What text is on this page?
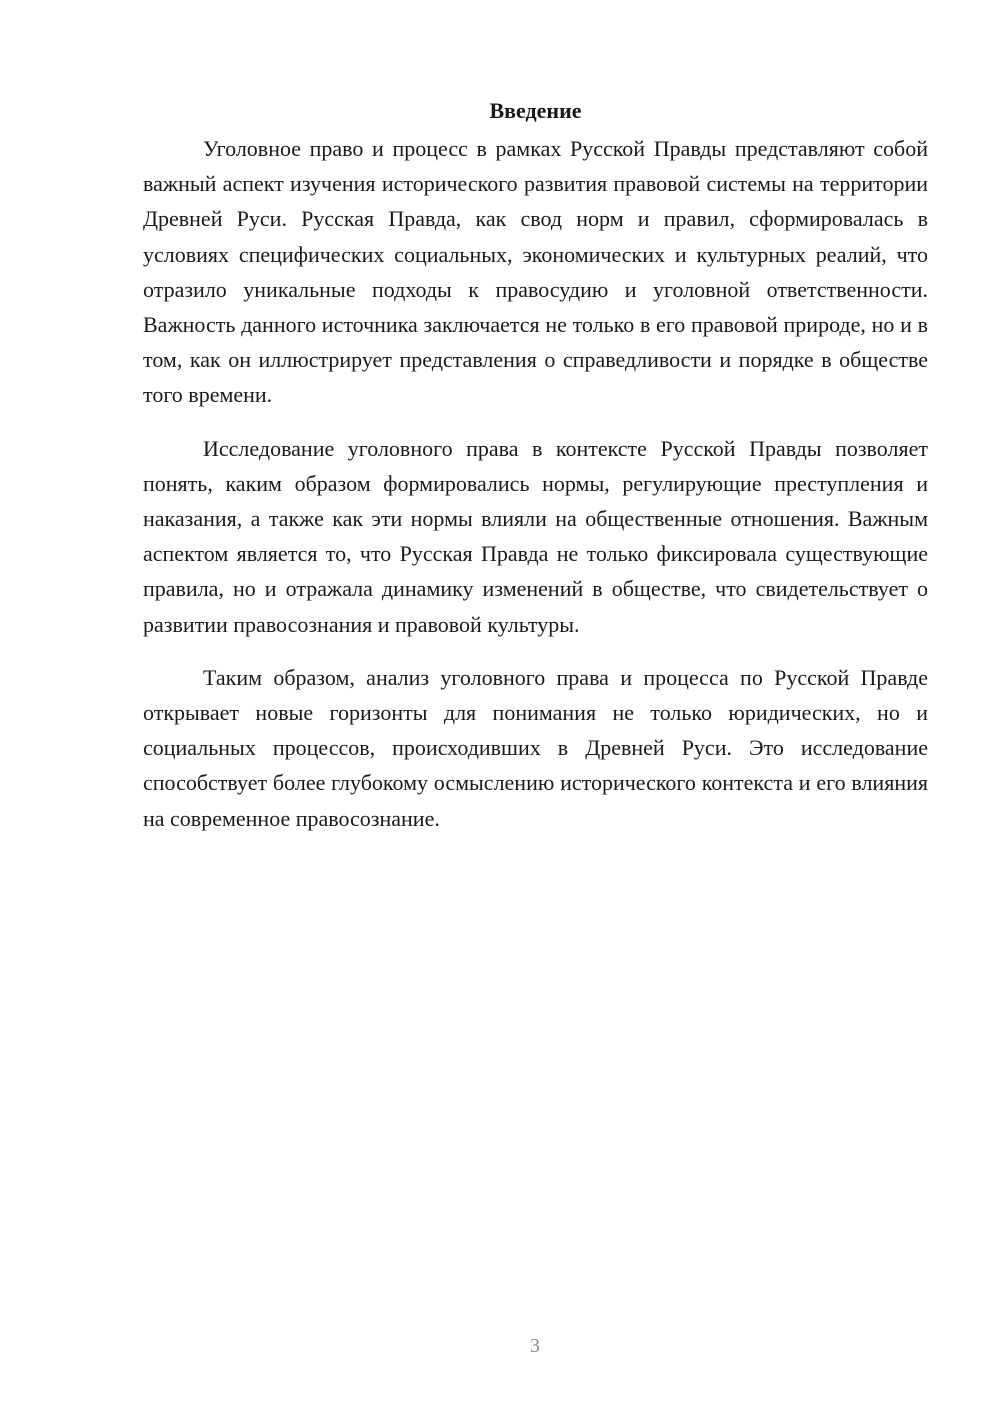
Введение

Уголовное право и процесс в рамках Русской Правды представляют собой важный аспект изучения исторического развития правовой системы на территории Древней Руси. Русская Правда, как свод норм и правил, сформировалась в условиях специфических социальных, экономических и культурных реалий, что отразило уникальные подходы к правосудию и уголовной ответственности. Важность данного источника заключается не только в его правовой природе, но и в том, как он иллюстрирует представления о справедливости и порядке в обществе того времени.

Исследование уголовного права в контексте Русской Правды позволяет понять, каким образом формировались нормы, регулирующие преступления и наказания, а также как эти нормы влияли на общественные отношения. Важным аспектом является то, что Русская Правда не только фиксировала существующие правила, но и отражала динамику изменений в обществе, что свидетельствует о развитии правосознания и правовой культуры.

Таким образом, анализ уголовного права и процесса по Русской Правде открывает новые горизонты для понимания не только юридических, но и социальных процессов, происходивших в Древней Руси. Это исследование способствует более глубокому осмыслению исторического контекста и его влияния на современное правосознание.

3
